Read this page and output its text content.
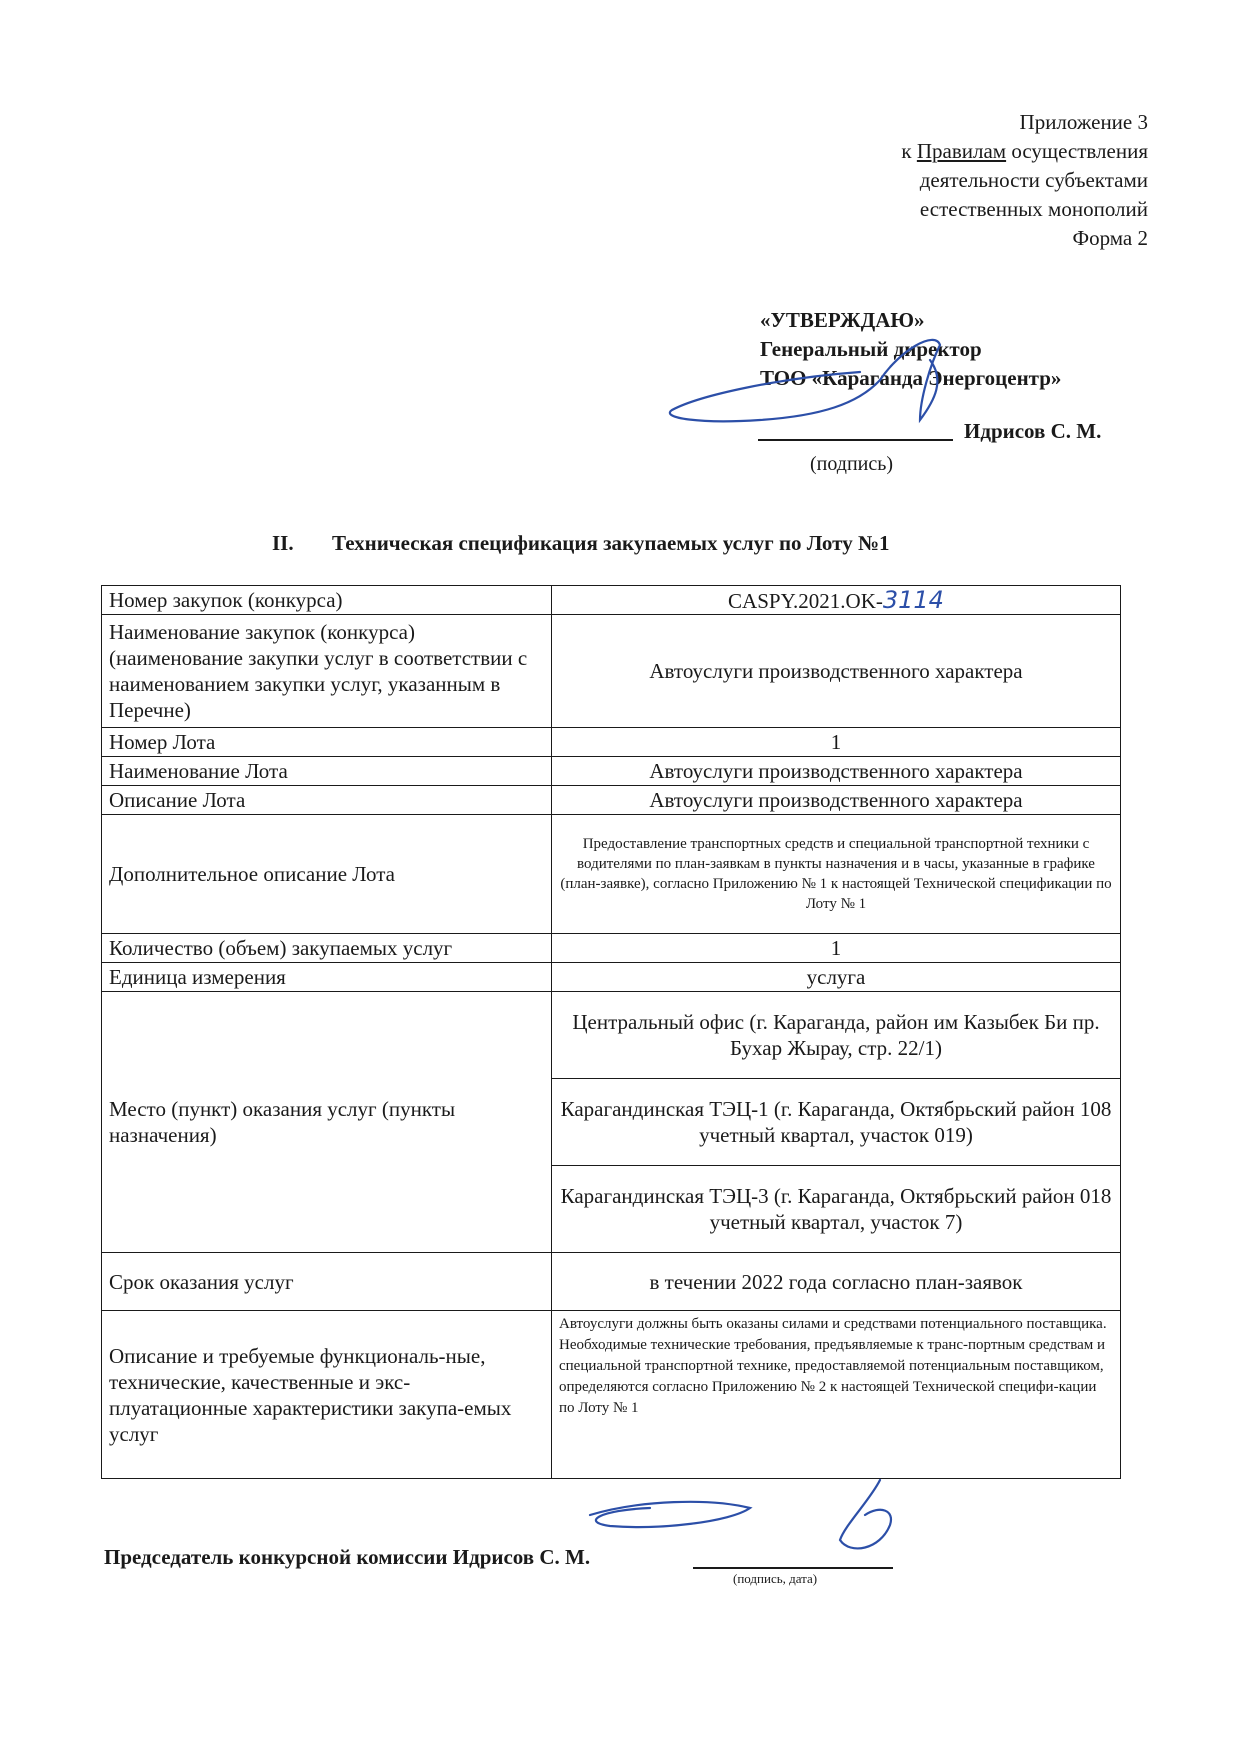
Приложение 3
к Правилам осуществления
деятельности субъектами
естественных монополий
Форма 2
«УТВЕРЖДАЮ»
Генеральный директор
ТОО «Караганда Энергоцентр»
Идрисов С. М.
(подпись)
II. Техническая спецификация закупаемых услуг по Лоту №1
Номер закупок (конкурса)	CASPY.2021.OK-3114
Наименование закупок (конкурса) (наименование закупки услуг в соответствии с наименованием закупки услуг, указанным в Перечне)	Автоуслуги производственного характера
Номер Лота	1
Наименование Лота	Автоуслуги производственного характера
Описание Лота	Автоуслуги производственного характера
Дополнительное описание Лота	Предоставление транспортных средств и специальной транспортной техники с водителями по план-заявкам в пункты назначения и в часы, указанные в графике (план-заявке), согласно Приложению № 1 к настоящей Технической спецификации по Лоту № 1
Количество (объем) закупаемых услуг	1
Единица измерения	услуга
Место (пункт) оказания услуг (пункты назначения)	Центральный офис (г. Караганда, район им Казыбек Би пр. Бухар Жырау, стр. 22/1)
	Карагандинская ТЭЦ-1 (г. Караганда, Октябрьский район 108 учетный квартал, участок 019)
	Карагандинская ТЭЦ-3 (г. Караганда, Октябрьский район 018 учетный квартал, участок 7)
Срок оказания услуг	в течении 2022 года согласно план-заявок
Описание и требуемые функциональ-ные, технические, качественные и экс-плуатационные характеристики закупа-емых услуг	Автоуслуги должны быть оказаны силами и средствами потенциального поставщика. Необходимые технические требования, предъявляемые к транс-портным средствам и специальной транспортной технике, предоставляемой потенциальным поставщиком, определяются согласно Приложению № 2 к настоящей Технической специфи-кации по Лоту № 1
Председатель конкурсной комиссии Идрисов С. М.
(подпись, дата)
